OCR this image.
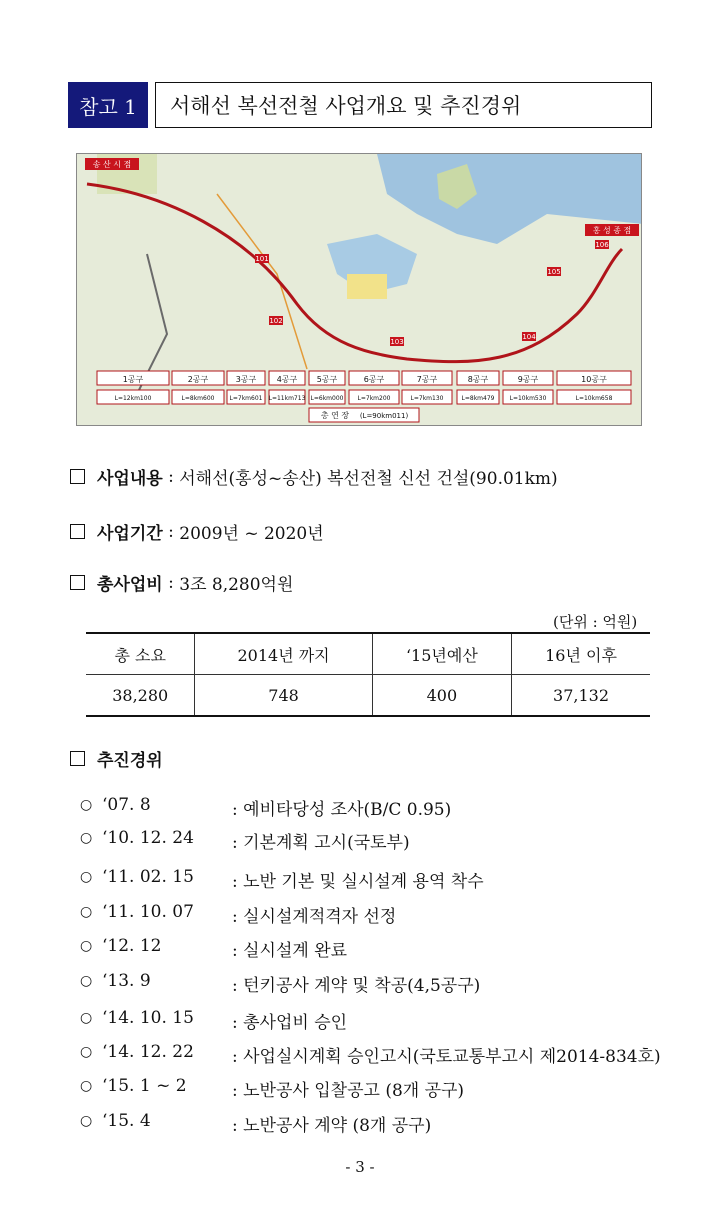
참고 1	서해선 복선전철 사업개요 및 추진경위
송 산 시 점
홍 성 종 점
101
102
103
104
105
106
1공구
L=12km100
2공구
L=8km600
3공구
L=7km601
4공구
L=11km713
5공구
L=6km000
6공구
L=7km200
7공구
L=7km130
8공구
L=8km479
9공구
L=10km530
10공구
L=10km658
총 연 장 (L=90km011)
사업내용 : 서해선(홍성~송산) 복선전철 신선 건설(90.01km)
사업기간 : 2009년 ~ 2020년
총사업비 : 3조 8,280억원
(단위 : 억원)
총 소요	2014년 까지	‘15년예산	16년 이후
38,280	748	400	37,132
추진경위
○ ‘07. 8	: 예비타당성 조사(B/C 0.95)
○ ‘10. 12. 24 : 기본계획 고시(국토부)
○ ‘11. 02. 15 : 노반 기본 및 실시설계 용역 착수
○ ‘11. 10. 07 : 실시설계적격자 선정
○ ‘12. 12	: 실시설계 완료
○ ‘13. 9	: 턴키공사 계약 및 착공(4,5공구)
○ ‘14. 10. 15 : 총사업비 승인
○ ‘14. 12. 22 : 사업실시계획 승인고시(국토교통부고시 제2014-834호)
○ ‘15. 1 ~ 2	: 노반공사 입찰공고 (8개 공구)
○ ‘15. 4	: 노반공사 계약 (8개 공구)
- 3 -
